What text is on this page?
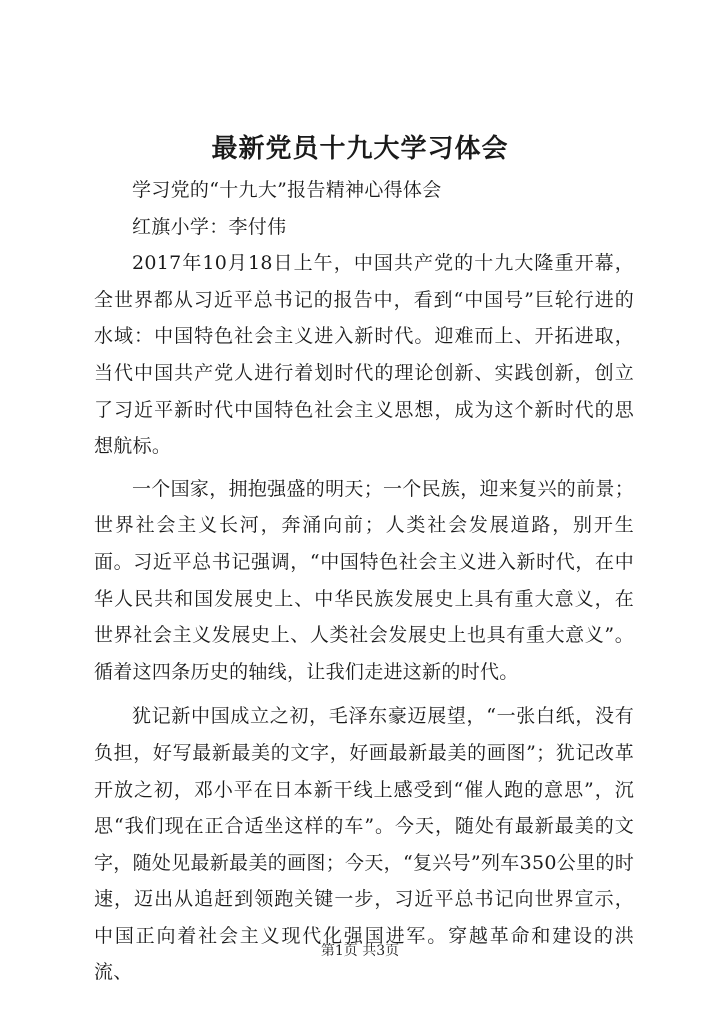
最新党员十九大学习体会

学习党的“十九大”报告精神心得体会

红旗小学：李付伟

2017年10月18日上午，中国共产党的十九大隆重开幕，全世界都从习近平总书记的报告中，看到“中国号”巨轮行进的水域：中国特色社会主义进入新时代。迎难而上、开拓进取，当代中国共产党人进行着划时代的理论创新、实践创新，创立了习近平新时代中国特色社会主义思想，成为这个新时代的思想航标。

一个国家，拥抱强盛的明天；一个民族，迎来复兴的前景；世界社会主义长河，奔涌向前；人类社会发展道路，别开生面。习近平总书记强调，“中国特色社会主义进入新时代，在中华人民共和国发展史上、中华民族发展史上具有重大意义，在世界社会主义发展史上、人类社会发展史上也具有重大意义”。循着这四条历史的轴线，让我们走进这新的时代。

犹记新中国成立之初，毛泽东豪迈展望，“一张白纸，没有负担，好写最新最美的文字，好画最新最美的画图”；犹记改革开放之初，邓小平在日本新干线上感受到“催人跑的意思”，沉思“我们现在正合适坐这样的车”。今天，随处有最新最美的文字，随处见最新最美的画图；今天，“复兴号”列车350公里的时速，迈出从追赶到领跑关键一步，习近平总书记向世界宣示，中国正向着社会主义现代化强国进军。穿越革命和建设的洪流、

第1页 共3页
